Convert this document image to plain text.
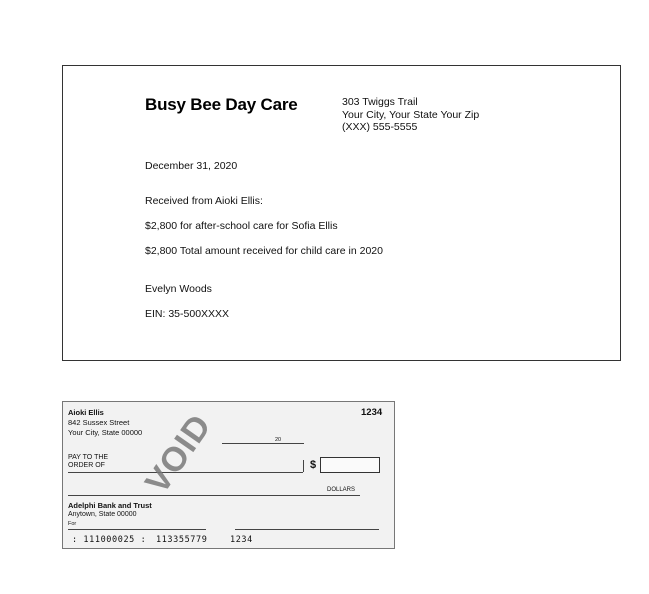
Busy Bee Day Care	303 Twiggs Trail
Your City, Your State Your Zip
(XXX) 555-5555
December 31, 2020
Received from Aioki Ellis:
$2,800 for after-school care for Sofia Ellis
$2,800 Total amount received for child care in 2020
Evelyn Woods
EIN: 35-500XXXX
Aioki Ellis
842 Sussex Street
Your City, State 00000
1234
20
PAY TO THE
ORDER OF	$
DOLLARS
Adelphi Bank and Trust
Anytown, State 00000
For
: 111000025 : 113355779	1234
VOID
